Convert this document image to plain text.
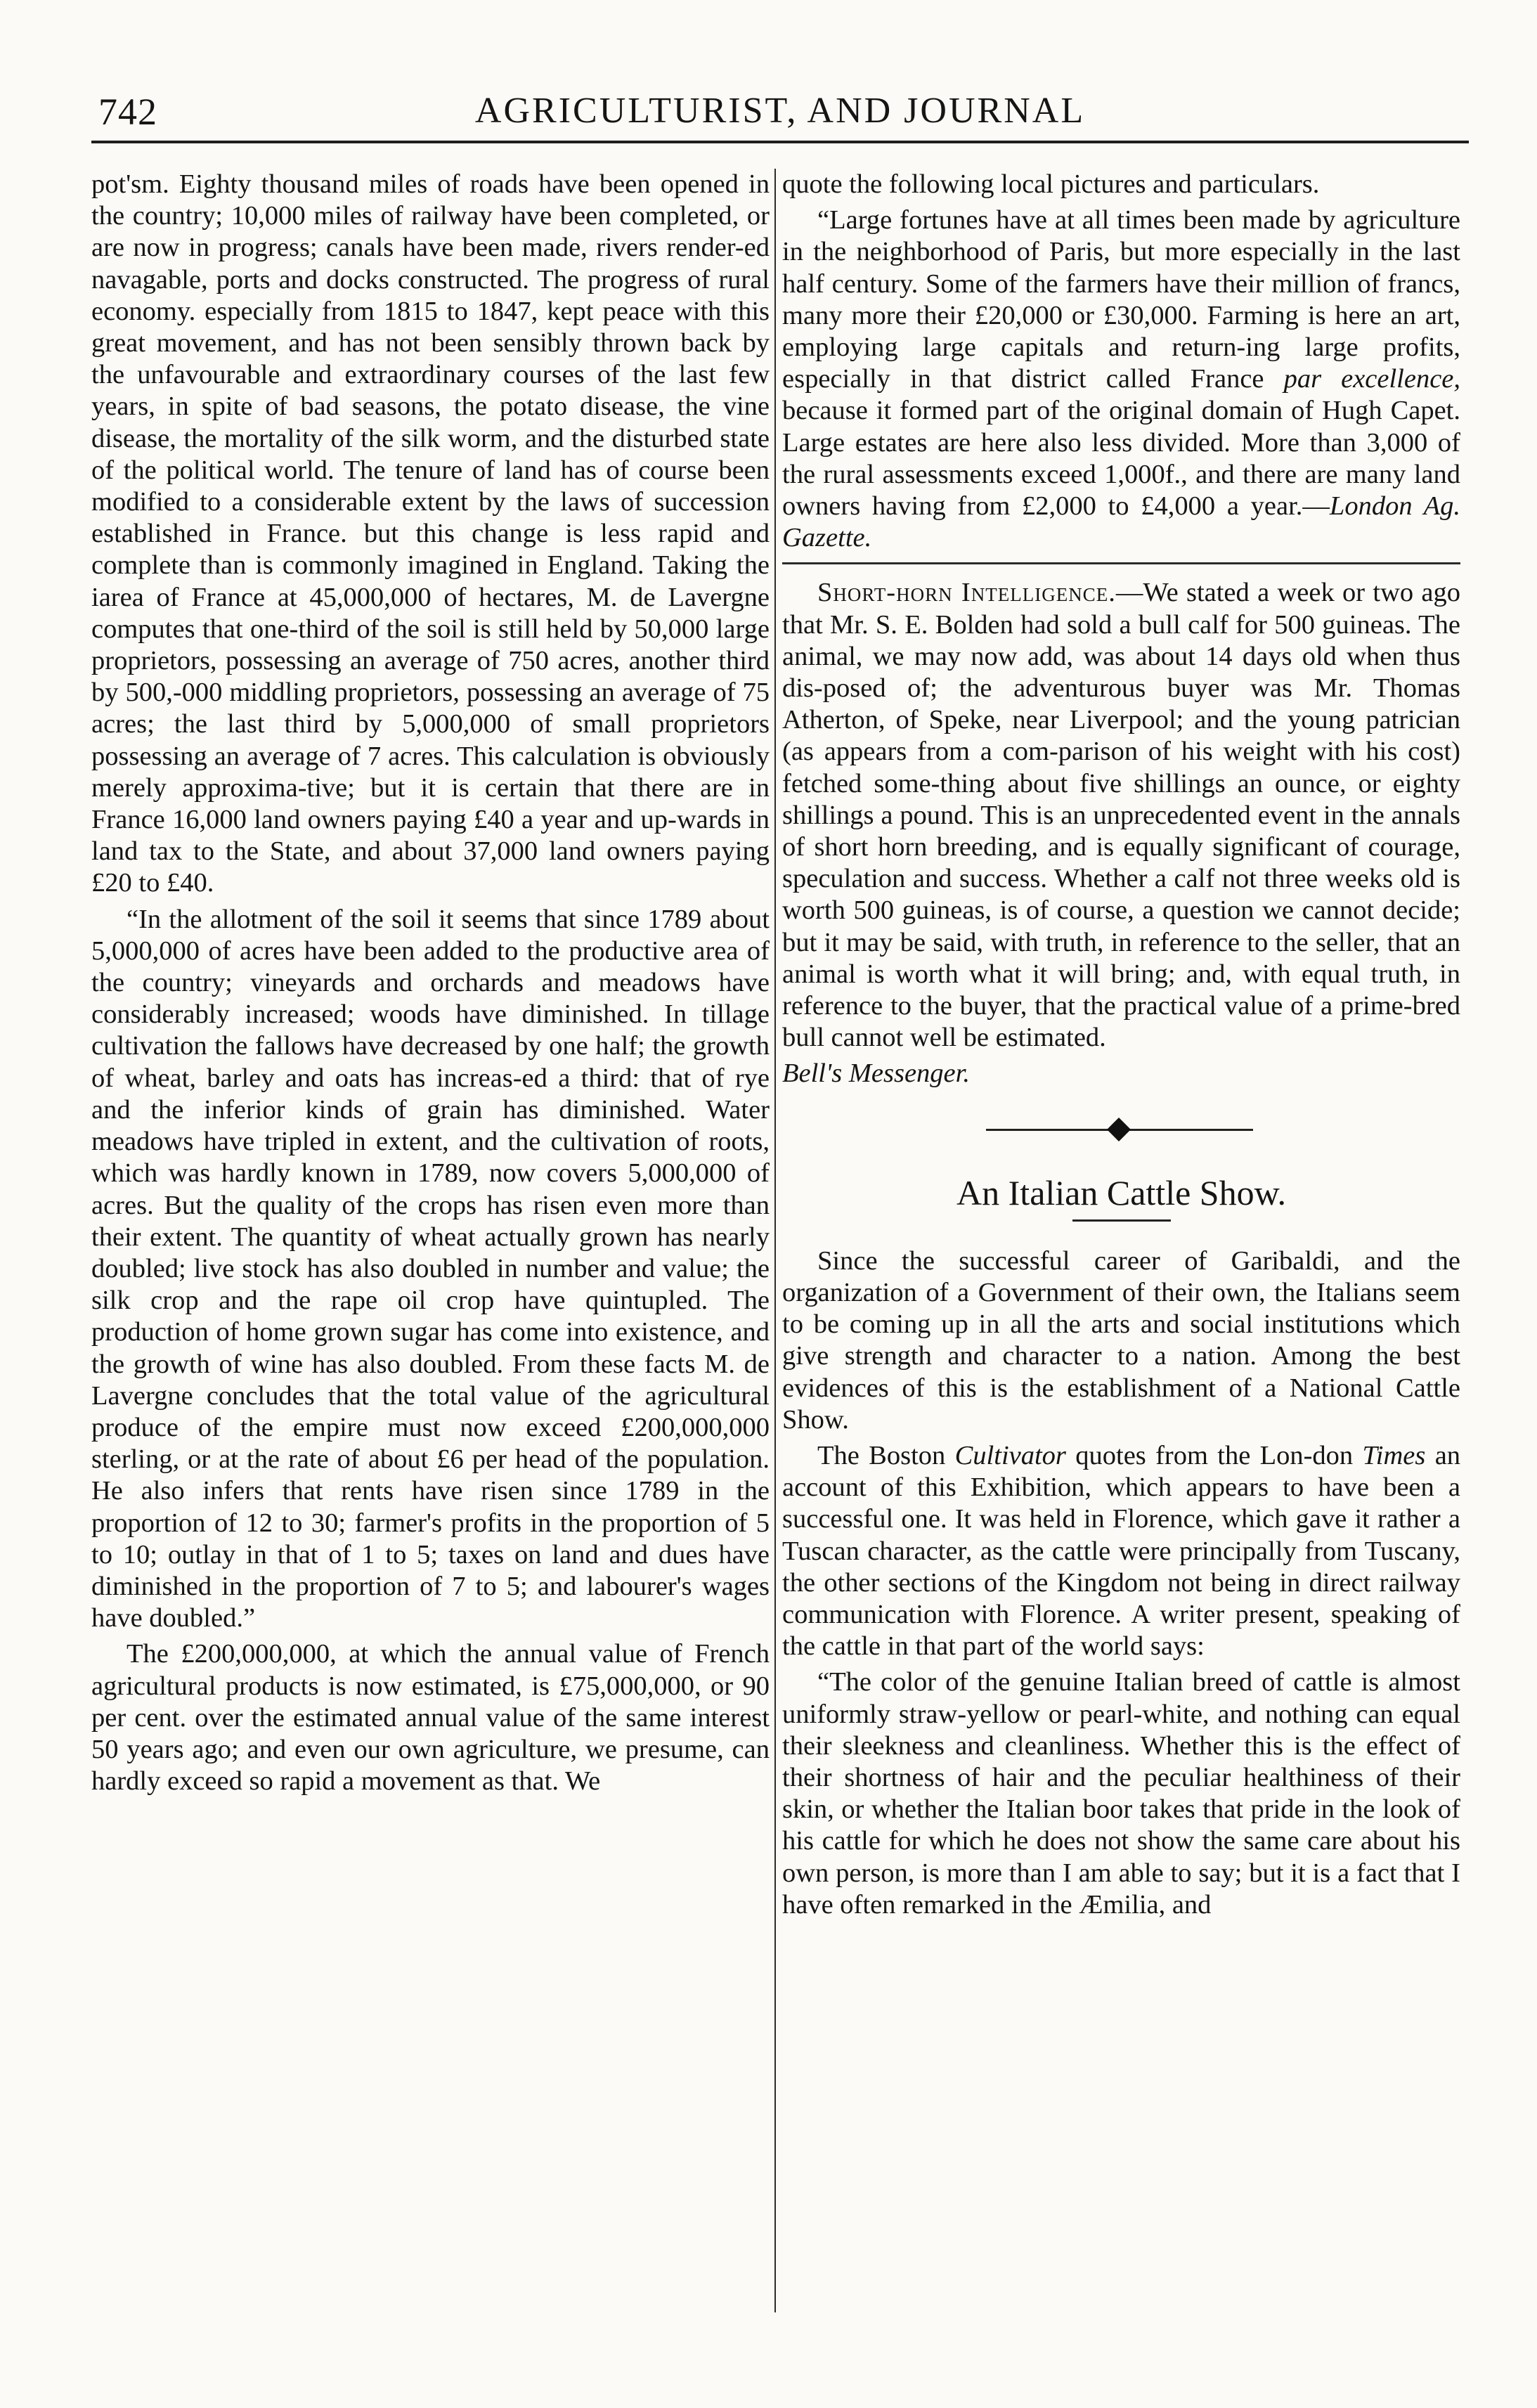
742	AGRICULTURIST, AND JOURNAL

pot'sm. Eighty thousand miles of roads have been opened in the country; 10,000 miles of railway have been completed, or are now in progress; canals have been made, rivers render-ed navagable, ports and docks constructed. The progress of rural economy. especially from 1815 to 1847, kept peace with this great movement, and has not been sensibly thrown back by the unfavourable and extraordinary courses of the last few years, in spite of bad seasons, the potato disease, the vine disease, the mortality of the silk worm, and the disturbed state of the political world. The tenure of land has of course been modified to a considerable extent by the laws of succession established in France. but this change is less rapid and complete than is commonly imagined in England. Taking the iarea of France at 45,000,000 of hectares, M. de Lavergne computes that one-third of the soil is still held by 50,000 large proprietors, possessing an average of 750 acres, another third by 500,-000 middling proprietors, possessing an average of 75 acres; the last third by 5,000,000 of small proprietors possessing an average of 7 acres. This calculation is obviously merely approxima-tive; but it is certain that there are in France 16,000 land owners paying £40 a year and up-wards in land tax to the State, and about 37,000 land owners paying £20 to £40.

“In the allotment of the soil it seems that since 1789 about 5,000,000 of acres have been added to the productive area of the country; vineyards and orchards and meadows have considerably increased; woods have diminished. In tillage cultivation the fallows have decreased by one half; the growth of wheat, barley and oats has increas-ed a third: that of rye and the inferior kinds of grain has diminished. Water meadows have tripled in extent, and the cultivation of roots, which was hardly known in 1789, now covers 5,000,000 of acres. But the quality of the crops has risen even more than their extent. The quantity of wheat actually grown has nearly doubled; live stock has also doubled in number and value; the silk crop and the rape oil crop have quintupled. The production of home grown sugar has come into existence, and the growth of wine has also doubled. From these facts M. de Lavergne concludes that the total value of the agricultural produce of the empire must now exceed £200,000,000 sterling, or at the rate of about £6 per head of the population. He also infers that rents have risen since 1789 in the proportion of 12 to 30; farmer's profits in the proportion of 5 to 10; outlay in that of 1 to 5; taxes on land and dues have diminished in the proportion of 7 to 5; and labourer's wages have doubled.”

The £200,000,000, at which the annual value of French agricultural products is now estimated, is £75,000,000, or 90 per cent. over the estimated annual value of the same interest 50 years ago; and even our own agriculture, we presume, can hardly exceed so rapid a movement as that. We

quote the following local pictures and particulars.

“Large fortunes have at all times been made by agriculture in the neighborhood of Paris, but more especially in the last half century. Some of the farmers have their million of francs, many more their £20,000 or £30,000. Farming is here an art, employing large capitals and return-ing large profits, especially in that district called France par excellence, because it formed part of the original domain of Hugh Capet. Large estates are here also less divided. More than 3,000 of the rural assessments exceed 1,000f., and there are many land owners having from £2,000 to £4,000 a year.—London Ag. Gazette.

Short-horn Intelligence.—We stated a week or two ago that Mr. S. E. Bolden had sold a bull calf for 500 guineas. The animal, we may now add, was about 14 days old when thus dis-posed of; the adventurous buyer was Mr. Thomas Atherton, of Speke, near Liverpool; and the young patrician (as appears from a com-parison of his weight with his cost) fetched some-thing about five shillings an ounce, or eighty shillings a pound. This is an unprecedented event in the annals of short horn breeding, and is equally significant of courage, speculation and success. Whether a calf not three weeks old is worth 500 guineas, is of course, a question we cannot decide; but it may be said, with truth, in reference to the seller, that an animal is worth what it will bring; and, with equal truth, in reference to the buyer, that the practical value of a prime-bred bull cannot well be estimated.

Bell's Messenger.

An Italian Cattle Show.

Since the successful career of Garibaldi, and the organization of a Government of their own, the Italians seem to be coming up in all the arts and social institutions which give strength and character to a nation. Among the best evidences of this is the establishment of a National Cattle Show.

The Boston Cultivator quotes from the Lon-don Times an account of this Exhibition, which appears to have been a successful one. It was held in Florence, which gave it rather a Tuscan character, as the cattle were principally from Tuscany, the other sections of the Kingdom not being in direct railway communication with Florence. A writer present, speaking of the cattle in that part of the world says:

“The color of the genuine Italian breed of cattle is almost uniformly straw-yellow or pearl-white, and nothing can equal their sleekness and cleanliness. Whether this is the effect of their shortness of hair and the peculiar healthiness of their skin, or whether the Italian boor takes that pride in the look of his cattle for which he does not show the same care about his own person, is more than I am able to say; but it is a fact that I have often remarked in the Æmilia, and
